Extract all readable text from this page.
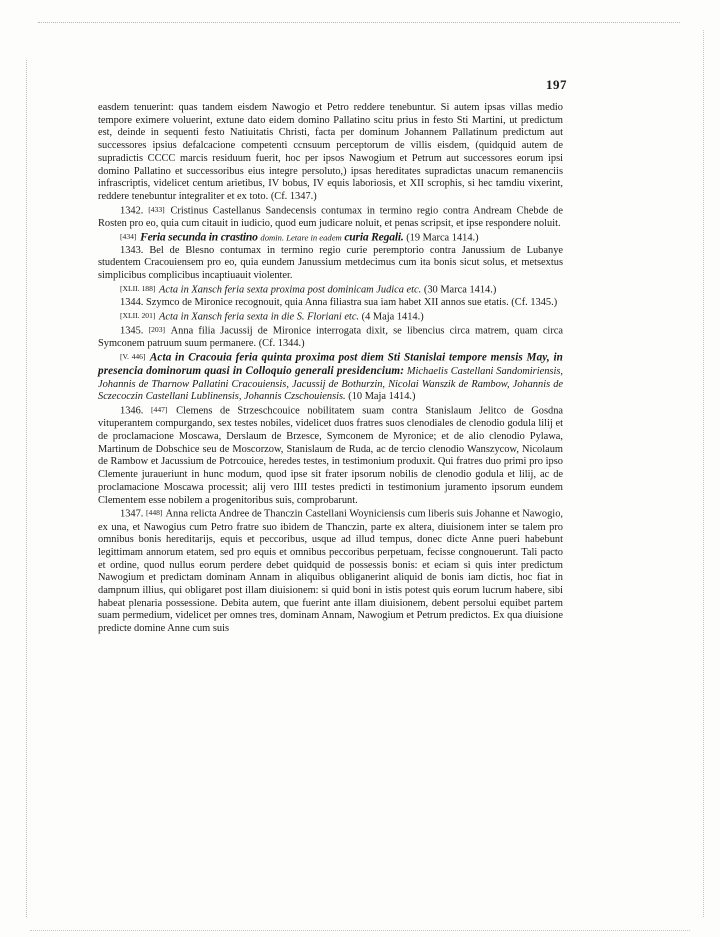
197

easdem tenuerint: quas tandem eisdem Nawogio et Petro reddere tenebuntur. Si autem ipsas villas medio tempore eximere voluerint, extune dato eidem domino Pallatino scitu prius in festo Sti Martini, ut predictum est, deinde in sequenti festo Natiuitatis Christi, facta per dominum Johannem Pallatinum predictum aut successores ipsius defalcacione competenti ccnsuum perceptorum de villis eisdem, (quidquid autem de supradictis CCCC marcis residuum fuerit, hoc per ipsos Nawogium et Petrum aut successores eorum ipsi domino Pallatino et successoribus eius integre persoluto,) ipsas hereditates supradictas unacum remanenciis infrascriptis, videlicet centum arietibus, IV bobus, IV equis laboriosis, et XII scrophis, si hec tamdiu vixerint, reddere tenebuntur integraliter et ex toto. (Cf. 1347.)

1342. [433] Cristinus Castellanus Sandecensis contumax in termino regio contra Andream Chebde de Rosten pro eo, quia cum citauit in iudicio, quod eum judicare noluit, et penas scripsit, et ipse respondere noluit.

[434] Feria secunda in crastino domin. Letare in eadem curia Regali. (19 Marca 1414.)

1343. Bel de Blesno contumax in termino regio curie peremptorio contra Janussium de Lubanye studentem Cracouiensem pro eo, quia eundem Janussium metdecimus cum ita bonis sicut solus, et metsextus simplicibus complicibus incaptiuauit violenter.

[XLII. 188] Acta in Xansch feria sexta proxima post dominicam Judica etc. (30 Marca 1414.)

1344. Szymco de Mironice recognouit, quia Anna filiastra sua iam habet XII annos sue etatis. (Cf. 1345.)

[XLII. 201] Acta in Xansch feria sexta in die S. Floriani etc. (4 Maja 1414.)

1345. [203] Anna filia Jacussij de Mironice interrogata dixit, se libencius circa matrem, quam circa Symconem patruum suum permanere. (Cf. 1344.)

[V. 446] Acta in Cracouia feria quinta proxima post diem Sti Stanislai tempore mensis May, in presencia dominorum quasi in Colloquio generali presidencium: Michaelis Castellani Sandomiriensis, Johannis de Tharnow Pallatini Cracouiensis, Jacussij de Bothurzin, Nicolai Wanszik de Rambow, Johannis de Sczecoczin Castellani Lublinensis, Johannis Czschouiensis. (10 Maja 1414.)

1346. [447] Clemens de Strzeschcouice nobilitatem suam contra Stanislaum Jelitco de Gosdna vituperantem compurgando, sex testes nobiles, videlicet duos fratres suos clenodiales de clenodio godula lilij et de proclamacione Moscawa, Derslaum de Brzesce, Symconem de Myronice; et de alio clenodio Pylawa, Martinum de Dobschice seu de Moscorzow, Stanislaum de Ruda, ac de tercio clenodio Wanszycow, Nicolaum de Rambow et Jacussium de Potrcouice, heredes testes, in testimonium produxit. Qui fratres duo primi pro ipso Clemente juraueriunt in hunc modum, quod ipse sit frater ipsorum nobilis de clenodio godula et lilij, ac de proclamacione Moscawa processit; alij vero IIII testes predicti in testimonium juramento ipsorum eundem Clementem esse nobilem a progenitoribus suis, comprobarunt.

1347. [448] Anna relicta Andree de Thanczin Castellani Woyniciensis cum liberis suis Johanne et Nawogio, ex una, et Nawogius cum Petro fratre suo ibidem de Thanczin, parte ex altera, diuisionem inter se talem pro omnibus bonis hereditarijs, equis et peccoribus, usque ad illud tempus, donec dicte Anne pueri habebunt legittimam annorum etatem, sed pro equis et omnibus peccoribus perpetuam, fecisse congnouerunt. Tali pacto et ordine, quod nullus eorum perdere debet quidquid de possessis bonis: et eciam si quis inter predictum Nawogium et predictam dominam Annam in aliquibus obliganerint aliquid de bonis iam dictis, hoc fiat in dampnum illius, qui obligaret post illam diuisionem: si quid boni in istis potest quis eorum lucrum habere, sibi habeat plenaria possessione. Debita autem, que fuerint ante illam diuisionem, debent persolui equibet partem suam permedium, videlicet per omnes tres, dominam Annam, Nawogium et Petrum predictos. Ex qua diuisione predicte domine Anne cum suis
